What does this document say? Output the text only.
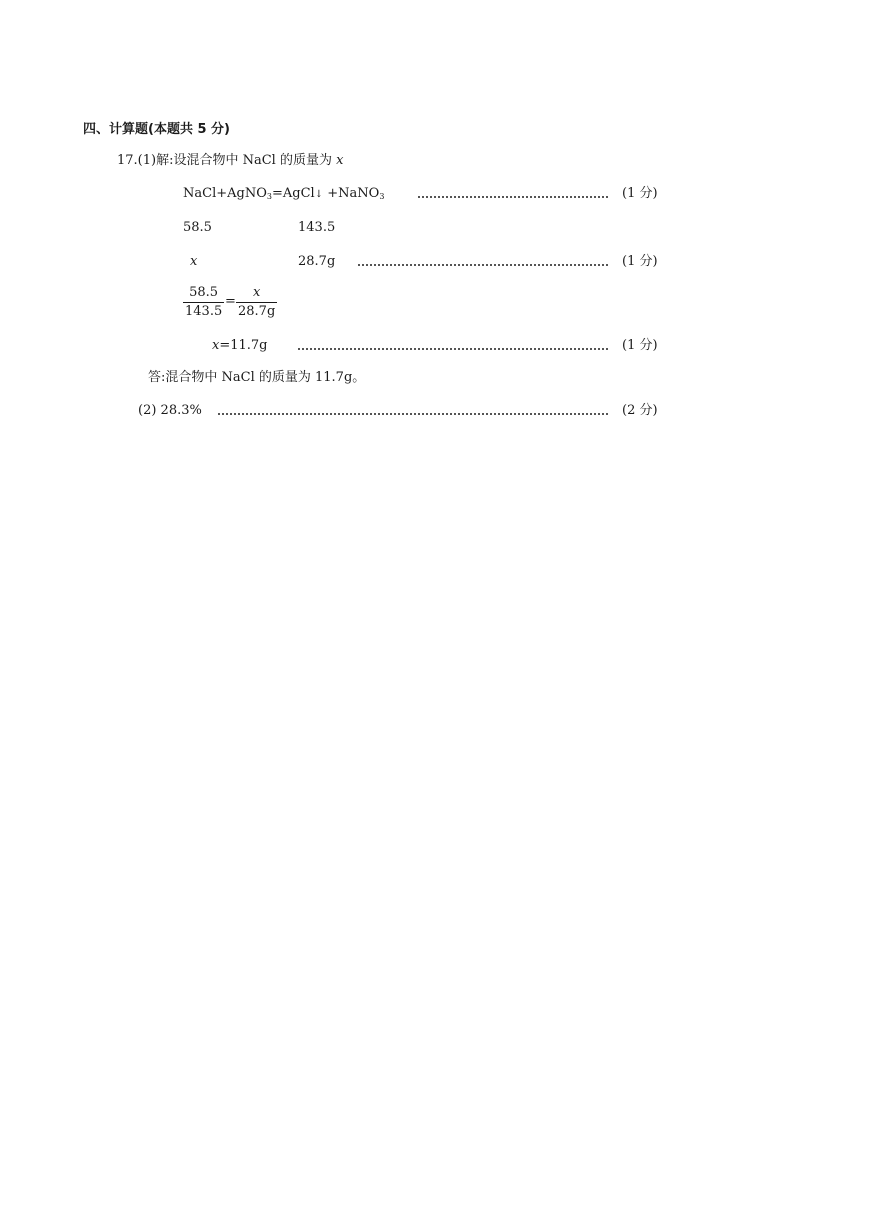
四、计算题(本题共 5 分)
17.(1)解:设混合物中 NaCl 的质量为 x
NaCl+AgNO$_3$=AgCl↓ +NaNO$_3$	(1 分)
58.5	143.5
x	28.7g	(1 分)
$\frac{58.5}{143.5} = \frac{x}{28.7g}$
x=11.7g	(1 分)
答:混合物中 NaCl 的质量为 11.7g。
(2) 28.3%	(2 分)
